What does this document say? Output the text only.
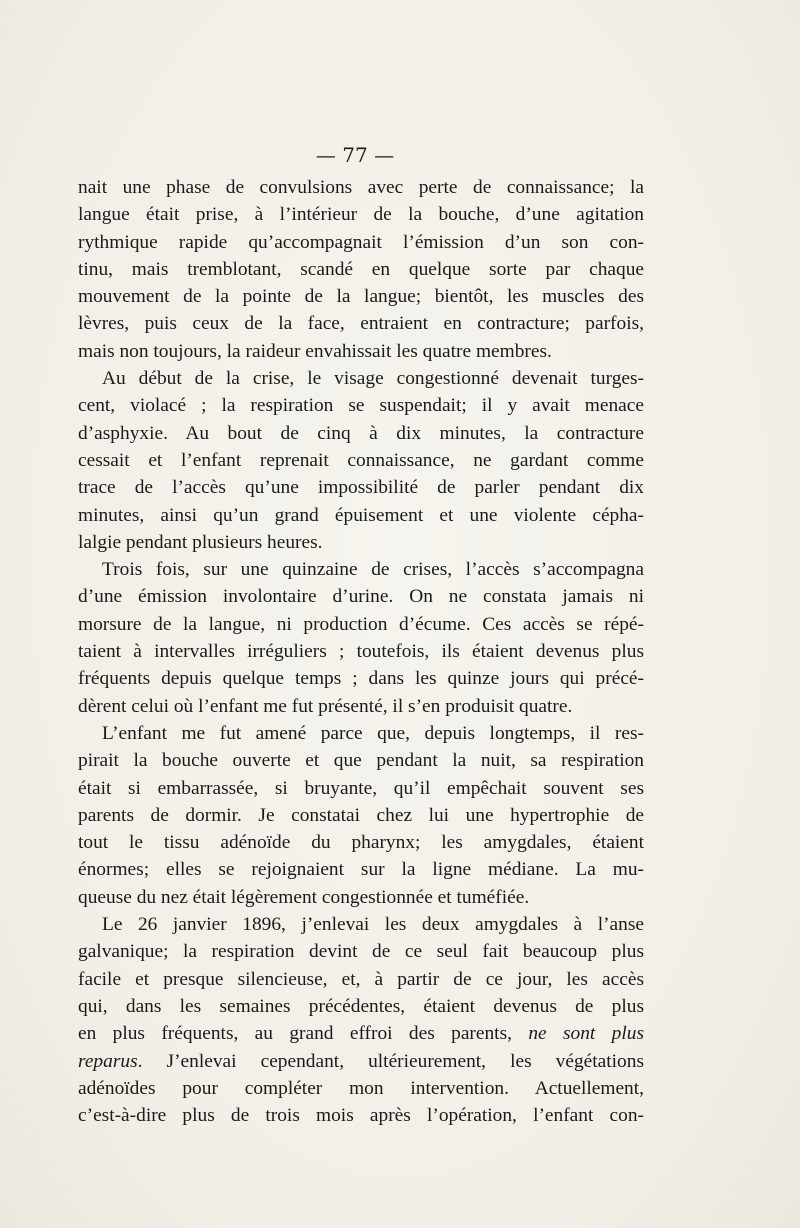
— 77 —
nait une phase de convulsions avec perte de connaissance; la
langue était prise, à l’intérieur de la bouche, d’une agitation
rythmique rapide qu’accompagnait l’émission d’un son con-
tinu, mais tremblotant, scandé en quelque sorte par chaque
mouvement de la pointe de la langue; bientôt, les muscles des
lèvres, puis ceux de la face, entraient en contracture; parfois,
mais non toujours, la raideur envahissait les quatre membres.
Au début de la crise, le visage congestionné devenait turges-
cent, violacé ; la respiration se suspendait; il y avait menace
d’asphyxie. Au bout de cinq à dix minutes, la contracture
cessait et l’enfant reprenait connaissance, ne gardant comme
trace de l’accès qu’une impossibilité de parler pendant dix
minutes, ainsi qu’un grand épuisement et une violente cépha-
lalgie pendant plusieurs heures.
Trois fois, sur une quinzaine de crises, l’accès s’accompagna
d’une émission involontaire d’urine. On ne constata jamais ni
morsure de la langue, ni production d’écume. Ces accès se répé-
taient à intervalles irréguliers ; toutefois, ils étaient devenus plus
fréquents depuis quelque temps ; dans les quinze jours qui précé-
dèrent celui où l’enfant me fut présenté, il s’en produisit quatre.
L’enfant me fut amené parce que, depuis longtemps, il res-
pirait la bouche ouverte et que pendant la nuit, sa respiration
était si embarrassée, si bruyante, qu’il empêchait souvent ses
parents de dormir. Je constatai chez lui une hypertrophie de
tout le tissu adénoïde du pharynx; les amygdales, étaient
énormes; elles se rejoignaient sur la ligne médiane. La mu-
queuse du nez était légèrement congestionnée et tuméfiée.
Le 26 janvier 1896, j’enlevai les deux amygdales à l’anse
galvanique; la respiration devint de ce seul fait beaucoup plus
facile et presque silencieuse, et, à partir de ce jour, les accès
qui, dans les semaines précédentes, étaient devenus de plus
en plus fréquents, au grand effroi des parents, ne sont plus
reparus. J’enlevai cependant, ultérieurement, les végétations
adénoïdes pour compléter mon intervention. Actuellement,
c’est-à-dire plus de trois mois après l’opération, l’enfant con-
